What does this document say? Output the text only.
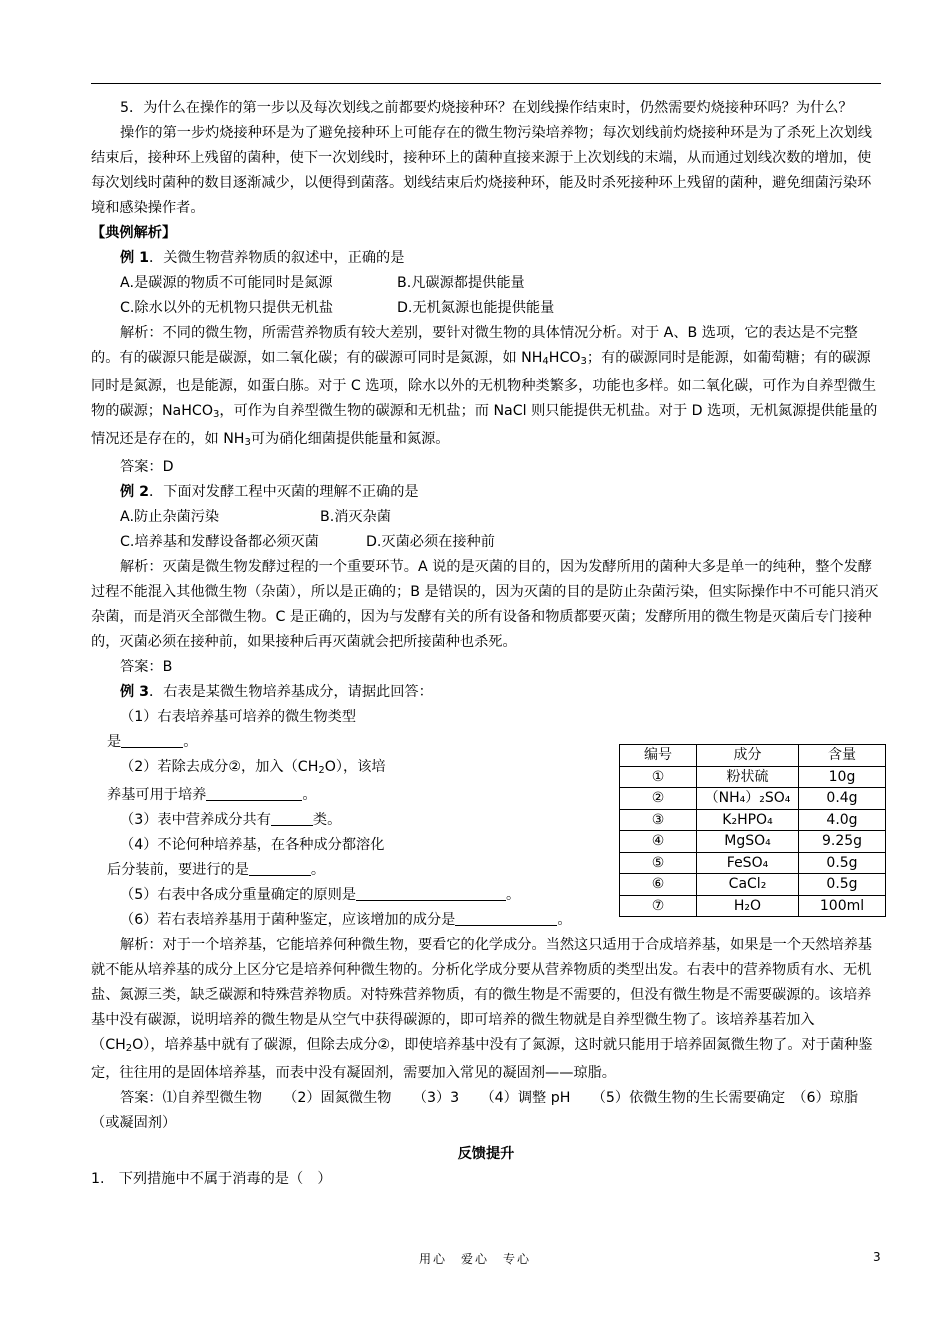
5．为什么在操作的第一步以及每次划线之前都要灼烧接种环？在划线操作结束时，仍然需要灼烧接种环吗？为什么？

操作的第一步灼烧接种环是为了避免接种环上可能存在的微生物污染培养物；每次划线前灼烧接种环是为了杀死上次划线结束后，接种环上残留的菌种，使下一次划线时，接种环上的菌种直接来源于上次划线的末端，从而通过划线次数的增加，使每次划线时菌种的数目逐渐减少，以便得到菌落。划线结束后灼烧接种环，能及时杀死接种环上残留的菌种，避免细菌污染环境和感染操作者。

【典例解析】

例 1．关微生物营养物质的叙述中，正确的是

A.是碳源的物质不可能同时是氮源	B.凡碳源都提供能量

C.除水以外的无机物只提供无机盐	D.无机氮源也能提供能量

解析：不同的微生物，所需营养物质有较大差别，要针对微生物的具体情况分析。对于 A、B 选项，它的表达是不完整的。有的碳源只能是碳源，如二氧化碳；有的碳源可同时是氮源，如 $NH_4HCO_3$；有的碳源同时是能源，如葡萄糖；有的碳源同时是氮源，也是能源，如蛋白胨。对于 C 选项，除水以外的无机物种类繁多，功能也多样。如二氧化碳，可作为自养型微生物的碳源；NaHCO$_3$，可作为自养型微生物的碳源和无机盐；而 NaCl 则只能提供无机盐。对于 D 选项，无机氮源提供能量的情况还是存在的，如 $NH_3$可为硝化细菌提供能量和氮源。

答案：D

例 2．下面对发酵工程中灭菌的理解不正确的是

A.防止杂菌污染	B.消灭杂菌

C.培养基和发酵设备都必须灭菌	D.灭菌必须在接种前

解析：灭菌是微生物发酵过程的一个重要环节。A 说的是灭菌的目的，因为发酵所用的菌种大多是单一的纯种，整个发酵过程不能混入其他微生物（杂菌），所以是正确的；B 是错误的，因为灭菌的目的是防止杂菌污染，但实际操作中不可能只消灭杂菌，而是消灭全部微生物。C 是正确的，因为与发酵有关的所有设备和物质都要灭菌；发酵所用的微生物是灭菌后专门接种的，灭菌必须在接种前，如果接种后再灭菌就会把所接菌种也杀死。

答案：B

例 3．右表是某微生物培养基成分，请据此回答：

（1）右表培养基可培养的微生物类型

是	。

（2）若除去成分②，加入$(CH_2O)$，该培

养基可用于培养	。

（3）表中营养成分共有	类。

（4）不论何种培养基，在各种成分都溶化

后分装前，要进行的是	。

（5）右表中各成分重量确定的原则是	。

（6）若右表培养基用于菌种鉴定，应该增加的成分是	。

解析：对于一个培养基，它能培养何种微生物，要看它的化学成分。当然这只适用于合成培养基，如果是一个天然培养基就不能从培养基的成分上区分它是培养何种微生物的。分析化学成分要从营养物质的类型出发。右表中的营养物质有水、无机盐、氮源三类，缺乏碳源和特殊营养物质。对特殊营养物质，有的微生物是不需要的，但没有微生物是不需要碳源的。该培养基中没有碳源，说明培养的微生物是从空气中获得碳源的，即可培养的微生物就是自养型微生物了。该培养基若加入$(CH_2O)$，培养基中就有了碳源，但除去成分②，即使培养基中没有了氮源，这时就只能用于培养固氮微生物了。对于菌种鉴定，往往用的是固体培养基，而表中没有凝固剂，需要加入常见的凝固剂——琼脂。

答案：⑴自养型微生物　　（2）固氮微生物　　（3）3　　（4）调整 pH　　（5）依微生物的生长需要确定　（6）琼脂（或凝固剂）

反馈提升

1.　下列措施中不属于消毒的是（　）

编号	成分	含量
①	粉状硫	10g
②	（NH₄）₂SO₄	0.4g
③	K₂HPO₄	4.0g
④	MgSO₄	9.25g
⑤	FeSO₄	0.5g
⑥	CaCl₂	0.5g
⑦	H₂O	100ml
用心　爱心　专心	3
